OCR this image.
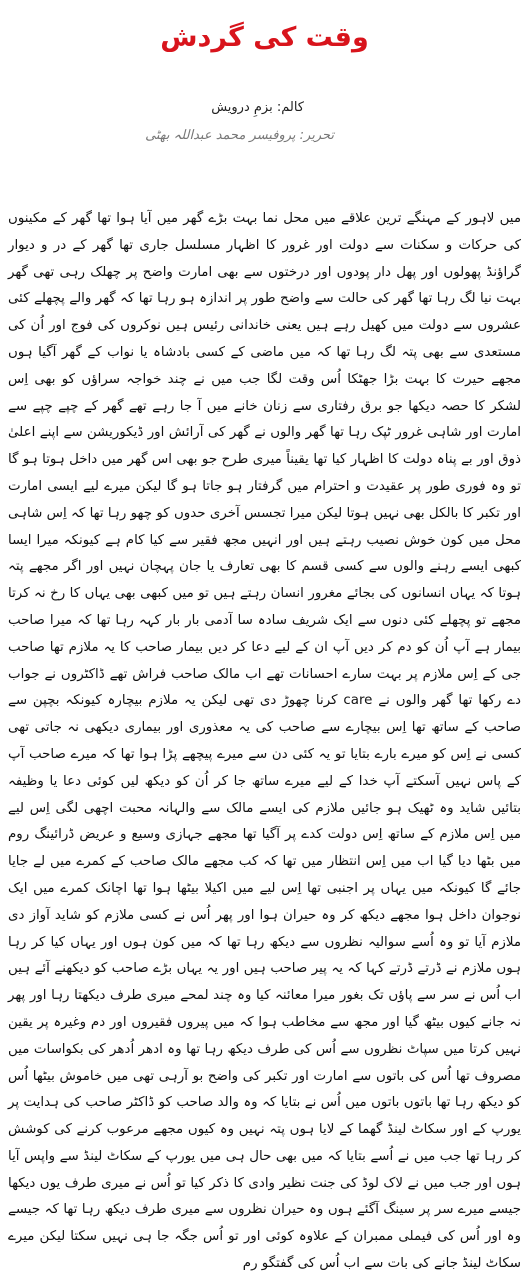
وقت کی گردش
کالم: بزمِ درویش
تحریر: پروفیسر محمد عبداللہ بھٹی
میں لاہور کے مہنگے ترین علاقے میں محل نما بہت بڑے گھر میں آیا ہوا تھا گھر کے مکینوں کی حرکات و سکنات سے دولت اور غرور کا اظہار مسلسل جاری تھا گھر کے در و دیوار گراؤنڈ پھولوں اور پھل دار پودوں اور درختوں سے بھی امارت واضح پر چھلک رہی تھی گھر بہت نیا لگ رہا تھا گھر کی حالت سے واضح طور پر اندازہ ہو رہا تھا کہ گھر والے پچھلے کئی عشروں سے دولت میں کھیل رہے ہیں یعنی خاندانی رئیس ہیں نوکروں کی فوج اور اُن کی مستعدی سے بھی پتہ لگ رہا تھا کہ میں ماضی کے کسی بادشاہ یا نواب کے گھر آگیا ہوں مجھے حیرت کا بہت بڑا جھٹکا اُس وقت لگا جب میں نے چند خواجہ سراؤں کو بھی اِس لشکر کا حصہ دیکھا جو برق رفتاری سے زنان خانے میں آ جا رہے تھے گھر کے چپے چپے سے امارت اور شاہی غرور ٹپک رہا تھا گھر والوں نے گھر کی آرائش اور ڈیکوریشن سے اپنے اعلیٰ ذوق اور بے پناہ دولت کا اظہار کیا تھا یقیناً میری طرح جو بھی اس گھر میں داخل ہوتا ہو گا تو وہ فوری طور پر عقیدت و احترام میں گرفتار ہو جاتا ہو گا لیکن میرے لیے ایسی امارت اور تکبر کا بالکل بھی نہیں ہوتا لیکن میرا تجسس آخری حدوں کو چھو رہا تھا کہ اِس شاہی محل میں کون خوش نصیب رہتے ہیں اور انہیں مجھ فقیر سے کیا کام ہے کیونکہ میرا ایسا کبھی ایسے رہنے والوں سے کسی قسم کا بھی تعارف یا جان پہچان نہیں اور اگر مجھے پتہ ہوتا کہ یہاں انسانوں کی بجائے مغرور انسان رہتے ہیں تو میں کبھی بھی یہاں کا رخ نہ کرتا مجھے تو پچھلے کئی دنوں سے ایک شریف سادہ سا آدمی بار بار کہہ رہا تھا کہ میرا صاحب بیمار ہے آپ اُن کو دم کر دیں آپ ان کے لیے دعا کر دیں بیمار صاحب کا یہ ملازم تھا صاحب جی کے اِس ملازم پر بہت سارے احسانات تھے اب مالک صاحب فراش تھے ڈاکٹروں نے جواب دے رکھا تھا گھر والوں نے care کرنا چھوڑ دی تھی لیکن یہ ملازم بیچارہ کیونکہ بچپن سے صاحب کے ساتھ تھا اِس بیچارے سے صاحب کی یہ معذوری اور بیماری دیکھی نہ جاتی تھی کسی نے اِس کو میرے بارے بتایا تو یہ کئی دن سے میرے پیچھے پڑا ہوا تھا کہ میرے صاحب آپ کے پاس نہیں آسکتے آپ خدا کے لیے میرے ساتھ جا کر اُن کو دیکھ لیں کوئی دعا یا وظیفہ بتائیں شاید وہ ٹھیک ہو جائیں ملازم کی ایسے مالک سے والہانہ محبت اچھی لگی اِس لیے میں اِس ملازم کے ساتھ اِس دولت کدے پر آگیا تھا مجھے جہازی وسیع و عریض ڈرائینگ روم میں بٹھا دیا گیا اب میں اِس انتظار میں تھا کہ کب مجھے مالک صاحب کے کمرے میں لے جایا جائے گا کیونکہ میں یہاں پر اجنبی تھا اِس لیے میں اکیلا بیٹھا ہوا تھا اچانک کمرے میں ایک نوجوان داخل ہوا مجھے دیکھ کر وہ حیران ہوا اور پھر اُس نے کسی ملازم کو شاید آواز دی ملازم آیا تو وہ اُسے سوالیہ نظروں سے دیکھ رہا تھا کہ میں کون ہوں اور یہاں کیا کر رہا ہوں ملازم نے ڈرتے ڈرتے کہا کہ یہ پیر صاحب ہیں اور یہ یہاں بڑے صاحب کو دیکھنے آئے ہیں اب اُس نے سر سے پاؤں تک بغور میرا معائنہ کیا وہ چند لمحے میری طرف دیکھتا رہا اور پھر نہ جانے کیوں بیٹھ گیا اور مجھ سے مخاطب ہوا کہ میں پیروں فقیروں اور دم وغیرہ پر یقین نہیں کرتا میں سپاٹ نظروں سے اُس کی طرف دیکھ رہا تھا وہ ادھر اُدھر کی بکواسات میں مصروف تھا اُس کی باتوں سے امارت اور تکبر کی واضح بو آرہی تھی میں خاموش بیٹھا اُس کو دیکھ رہا تھا باتوں باتوں میں اُس نے بتایا کہ وہ والد صاحب کو ڈاکٹر صاحب کی ہدایت پر یورپ کے اور سکاٹ لینڈ گھما کے لایا ہوں پتہ نہیں وہ کیوں مجھے مرعوب کرنے کی کوشش کر رہا تھا جب میں نے اُسے بتایا کہ میں بھی حال ہی میں یورپ کے سکاٹ لینڈ سے واپس آیا ہوں اور جب میں نے لاک لوڈ کی جنت نظیر وادی کا ذکر کیا تو اُس نے میری طرف یوں دیکھا جیسے میرے سر پر سینگ آگئے ہوں وہ حیران نظروں سے میری طرف دیکھ رہا تھا کہ جیسے وہ اور اُس کی فیملی ممبران کے علاوہ کوئی اور تو اُس جگہ جا ہی نہیں سکتا لیکن میرے سکاٹ لینڈ جانے کی بات سے اب اُس کی گفتگو رم
